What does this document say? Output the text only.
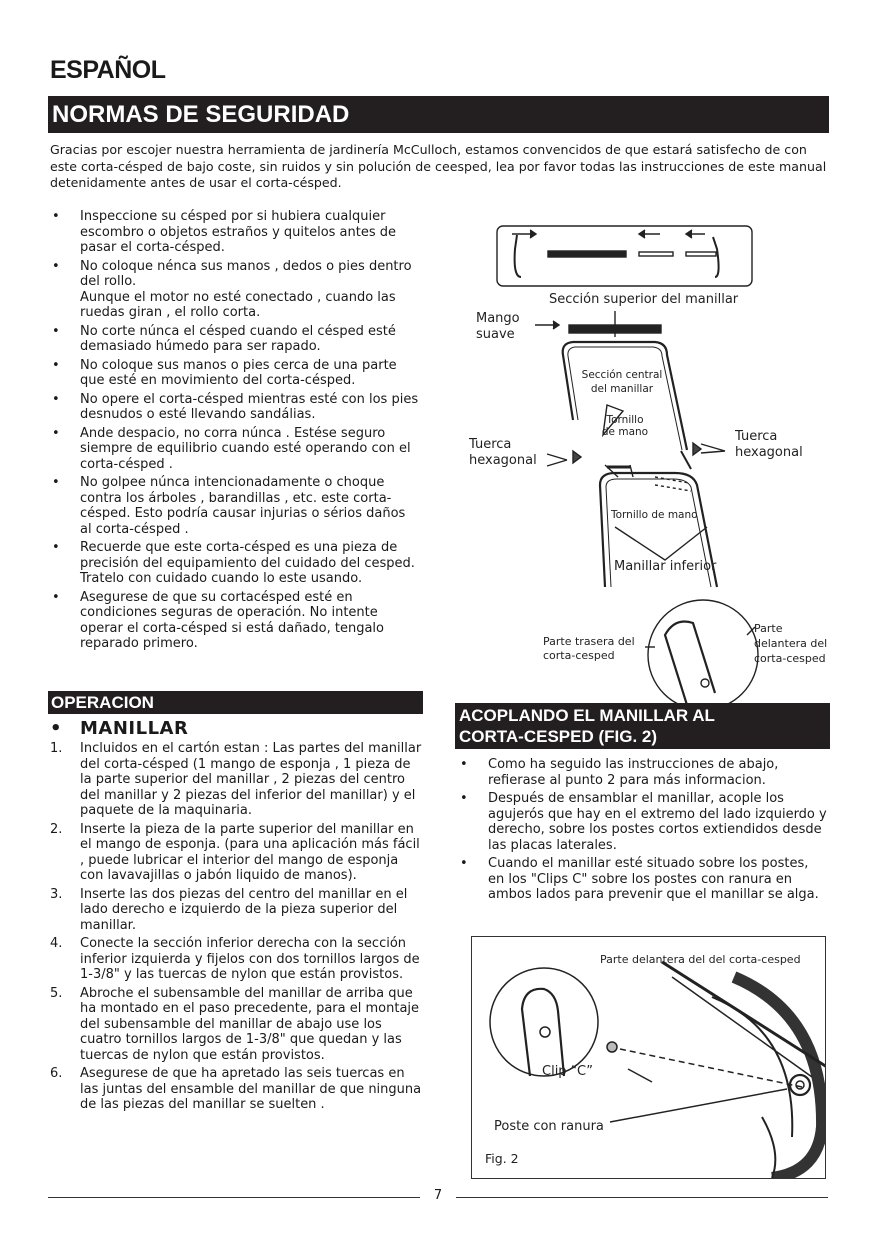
ESPAÑOL
NORMAS DE SEGURIDAD
Gracias por escojer nuestra herramienta de jardinería McCulloch, estamos convencidos de que estará satisfecho de con este corta-césped de bajo coste, sin ruidos y sin polución de ceesped, lea por favor todas las instrucciones de este manual detenidamente antes de usar el corta-césped.
• Inspeccione su césped por si hubiera cualquier escombro o objetos estraños y quitelos antes de pasar el corta-césped.
• No coloque nénca sus manos , dedos o pies dentro del rollo.
Aunque el motor no esté conectado , cuando las ruedas giran , el rollo corta.
• No corte núnca el césped cuando el césped esté demasiado húmedo para ser rapado.
• No coloque sus manos o pies cerca de una parte que esté en movimiento del corta-césped.
• No opere el corta-césped mientras esté con los pies desnudos o esté llevando sandálias.
• Ande despacio, no corra núnca . Estése seguro siempre de equilibrio cuando esté operando con el corta-césped .
• No golpee núnca intencionadamente o choque contra los árboles , barandillas , etc. este corta-césped. Esto podría causar injurias o sérios daños al corta-césped .
• Recuerde que este corta-césped es una pieza de precisión del equipamiento del cuidado del cesped. Tratelo con cuidado cuando lo este usando.
• Asegurese de que su cortacésped esté en condiciones seguras de operación. No intente operar el corta-césped si está dañado, tengalo reparado primero.
OPERACION
• MANILLAR
1. Incluidos en el cartón estan : Las partes del manillar del corta-césped (1 mango de esponja , 1 pieza de la parte superior del manillar , 2 piezas del centro del manillar y 2 piezas del inferior del manillar) y el paquete de la maquinaria.
2. Inserte la pieza de la parte superior del manillar en el mango de esponja. (para una aplicación más fácil , puede lubricar el interior del mango de esponja con lavavajillas o jabón liquido de manos).
3. Inserte las dos piezas del centro del manillar en el lado derecho e izquierdo de la pieza superior del manillar.
4. Conecte la sección inferior derecha con la sección inferior izquierda y fijelos con dos tornillos largos de 1-3/8" y las tuercas de nylon que están provistos.
5. Abroche el subensamble del manillar de arriba que ha montado en el paso precedente, para el montaje del subensamble del manillar de abajo use los cuatro tornillos largos de 1-3/8" que quedan y las tuercas de nylon que están provistos.
6. Asegurese de que ha apretado las seis tuercas en las juntas del ensamble del manillar de que ninguna de las piezas del manillar se suelten .
Sección superior del manillar
Mango
suave
Sección central
del manillar
Tornillo
de mano
Tuerca
hexagonal
Tuerca
hexagonal
Tornillo de mano
Manillar inferior
Parte trasera del
corta-cesped
Parte
delantera del
corta-cesped
ACOPLANDO EL MANILLAR AL
CORTA-CESPED (FIG. 2)
• Como ha seguido las instrucciones de abajo, refierase al punto 2 para más informacion.
• Después de ensamblar el manillar, acople los agujerós que hay en el extremo del lado izquierdo y derecho, sobre los postes cortos extiendidos desde las placas laterales.
• Cuando el manillar esté situado sobre los postes, en los "Clips C" sobre los postes con ranura en ambos lados para prevenir que el manillar se alga.
Parte delantera del del corta-cesped
Clip “C”
Poste con ranura
Fig. 2
7
